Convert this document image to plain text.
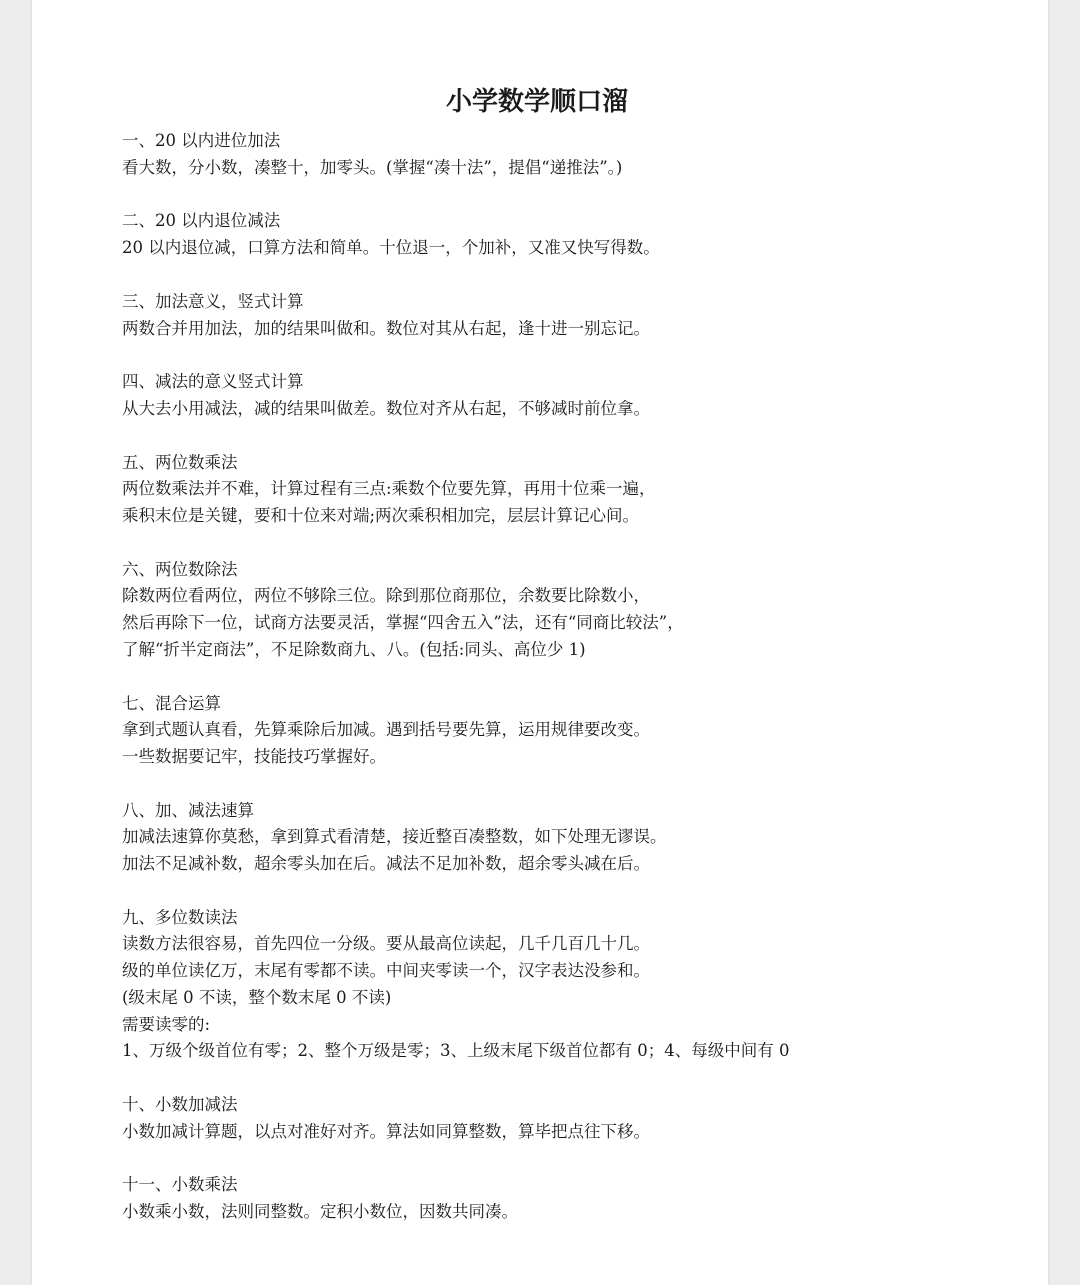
小学数学顺口溜
一、20 以内进位加法
看大数，分小数，凑整十，加零头。(掌握“凑十法”，提倡“递推法”。)
二、20 以内退位减法
20 以内退位减，口算方法和简单。十位退一，个加补，又准又快写得数。
三、加法意义，竖式计算
两数合并用加法，加的结果叫做和。数位对其从右起，逢十进一别忘记。
四、减法的意义竖式计算
从大去小用减法，减的结果叫做差。数位对齐从右起，不够减时前位拿。
五、两位数乘法
两位数乘法并不难，计算过程有三点:乘数个位要先算，再用十位乘一遍，
乘积末位是关键，要和十位来对端;两次乘积相加完，层层计算记心间。
六、两位数除法
除数两位看两位，两位不够除三位。除到那位商那位，余数要比除数小，
然后再除下一位，试商方法要灵活，掌握“四舍五入”法，还有“同商比较法”，
了解“折半定商法”，不足除数商九、八。(包括:同头、高位少 1)
七、混合运算
拿到式题认真看，先算乘除后加减。遇到括号要先算，运用规律要改变。
一些数据要记牢，技能技巧掌握好。
八、加、减法速算
加减法速算你莫愁，拿到算式看清楚，接近整百凑整数，如下处理无谬误。
加法不足减补数，超余零头加在后。减法不足加补数，超余零头减在后。
九、多位数读法
读数方法很容易，首先四位一分级。要从最高位读起，几千几百几十几。
级的单位读亿万，末尾有零都不读。中间夹零读一个，汉字表达没参和。
(级末尾 0 不读，整个数末尾 0 不读)
需要读零的:
1、万级个级首位有零；2、整个万级是零；3、上级末尾下级首位都有 0；4、每级中间有 0
十、小数加减法
小数加减计算题，以点对准好对齐。算法如同算整数，算毕把点往下移。
十一、小数乘法
小数乘小数，法则同整数。定积小数位，因数共同凑。
